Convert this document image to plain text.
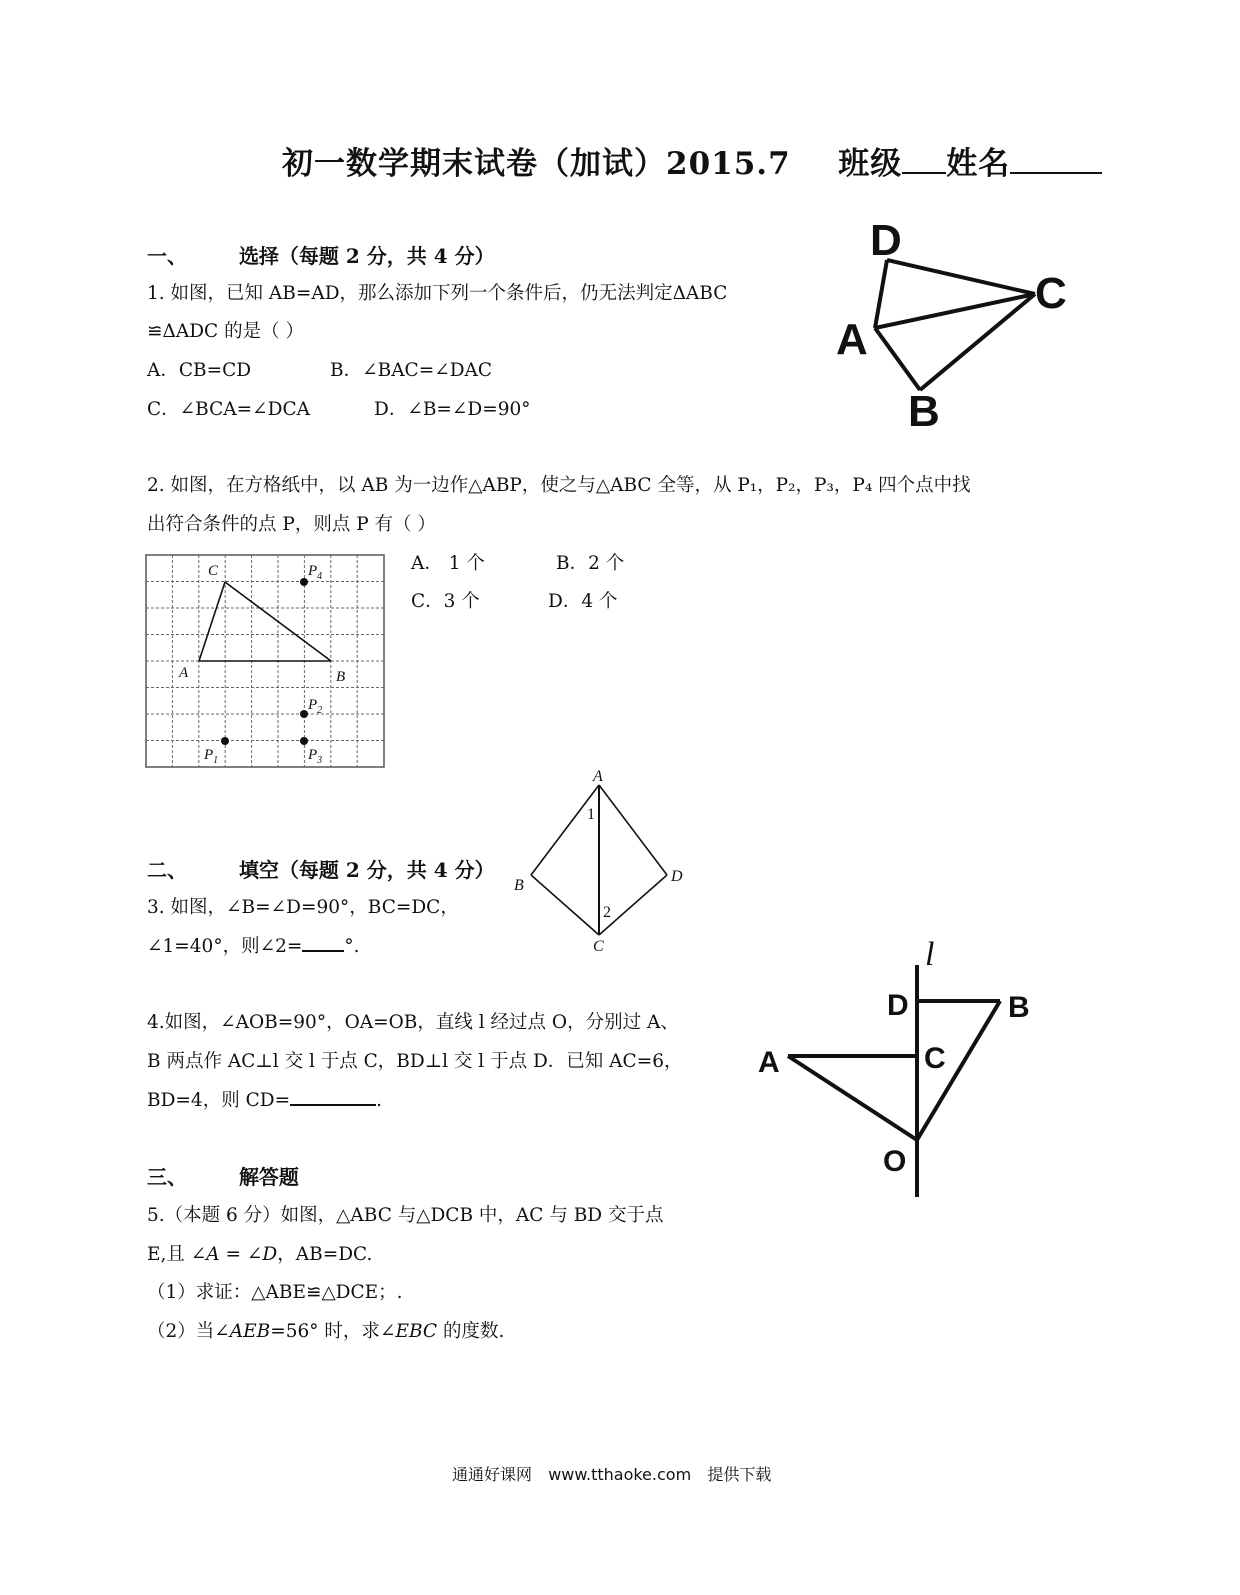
初一数学期末试卷（加试）2015.7 班级 姓名
一、	选择（每题 2 分，共 4 分）
1. 如图，已知 AB=AD，那么添加下列一个条件后，仍无法判定ΔABC
≌ΔADC 的是（ ）
A．CB=CD	B．∠BAC=∠DAC
C．∠BCA=∠DCA	D．∠B=∠D=90°
D
C
A
B
2. 如图，在方格纸中，以 AB 为一边作△ABP，使之与△ABC 全等，从 P₁，P₂，P₃，P₄ 四个点中找
出符合条件的点 P，则点 P 有（ ）
A． 1 个	B．2 个
C．3 个	D．4 个
C
A	B
$P_4$
$P_2$
$P_1$	$P_3$
A
B
C
D
1
2
二、	填空（每题 2 分，共 4 分）
3. 如图，∠B=∠D=90°，BC=DC，
∠1=40°，则∠2= °.
4.如图，∠AOB=90°，OA=OB，直线 l 经过点 O，分别过 A、
B 两点作 AC⊥l 交 l 于点 C，BD⊥l 交 l 于点 D．已知 AC=6，
BD=4，则 CD=	.
l
D	B
C
A
O
三、	解答题
5.（本题 6 分）如图，△ABC 与△DCB 中，AC 与 BD 交于点
E,且 ∠A = ∠D，AB=DC.
（1）求证：△ABE≌△DCE；.
（2）当∠AEB=56° 时，求∠EBC 的度数.
通通好课网 www.tthaoke.com 提供下载
